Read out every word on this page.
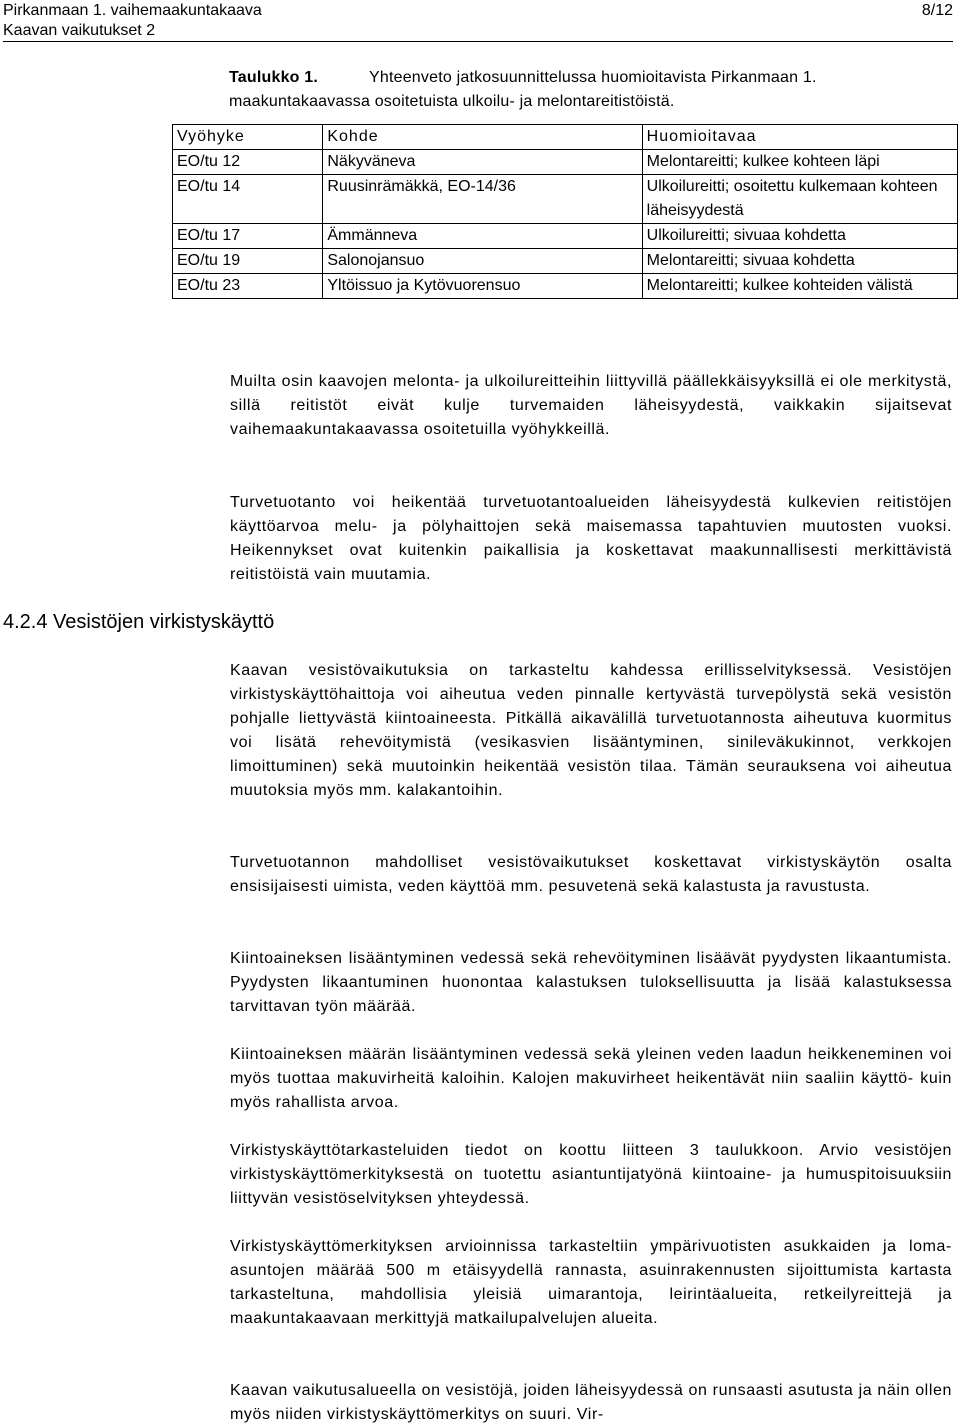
Pirkanmaan 1. vaihemaakuntakaava
Kaavan vaikutukset 2
8/12
Taulukko 1.	Yhteenveto jatkosuunnittelussa huomioitavista Pirkanmaan 1. maakuntakaavassa osoitetuista ulkoilu- ja melontareitistöistä.
Vyöhyke	Kohde	Huomioitavaa
EO/tu 12	Näkyväneva	Melontareitti; kulkee kohteen läpi
EO/tu 14	Ruusinrämäkkä, EO-14/36	Ulkoilureitti; osoitettu kulkemaan kohteen läheisyydestä
EO/tu 17	Ämmänneva	Ulkoilureitti; sivuaa kohdetta
EO/tu 19	Salonojansuo	Melontareitti; sivuaa kohdetta
EO/tu 23	Yltöissuo ja Kytövuorensuo	Melontareitti; kulkee kohteiden välistä

Muilta osin kaavojen melonta- ja ulkoilureitteihin liittyvillä päällekkäisyyksillä ei ole merkitystä, sillä reitistöt eivät kulje turvemaiden läheisyydestä, vaikkakin sijaitsevat vaihemaakuntakaavassa osoitetuilla vyöhykkeillä.

Turvetuotanto voi heikentää turvetuotantoalueiden läheisyydestä kulkevien reitistöjen käyttöarvoa melu- ja pölyhaittojen sekä maisemassa tapahtuvien muutosten vuoksi. Heikennykset ovat kuitenkin paikallisia ja koskettavat maakunnallisesti merkittävistä reitistöistä vain muutamia.

4.2.4 Vesistöjen virkistyskäyttö

Kaavan vesistövaikutuksia on tarkasteltu kahdessa erillisselvityksessä. Vesistöjen virkistyskäyttöhaittoja voi aiheutua veden pinnalle kertyvästä turvepölystä sekä vesistön pohjalle liettyvästä kiintoaineesta. Pitkällä aikavälillä turvetuotannosta aiheutuva kuormitus voi lisätä rehevöitymistä (vesikasvien lisääntyminen, sinileväkukinnot, verkkojen limoittuminen) sekä muutoinkin heikentää vesistön tilaa. Tämän seurauksena voi aiheutua muutoksia myös mm. kalakantoihin.

Turvetuotannon mahdolliset vesistövaikutukset koskettavat virkistyskäytön osalta ensisijaisesti uimista, veden käyttöä mm. pesuvetenä sekä kalastusta ja ravustusta.

Kiintoaineksen lisääntyminen vedessä sekä rehevöityminen lisäävät pyydysten likaantumista. Pyydysten likaantuminen huonontaa kalastuksen tuloksellisuutta ja lisää kalastuksessa tarvittavan työn määrää.

Kiintoaineksen määrän lisääntyminen vedessä sekä yleinen veden laadun heikkeneminen voi myös tuottaa makuvirheitä kaloihin. Kalojen makuvirheet heikentävät niin saaliin käyttö- kuin myös rahallista arvoa.

Virkistyskäyttötarkasteluiden tiedot on koottu liitteen 3 taulukkoon. Arvio vesistöjen virkistyskäyttömerkityksestä on tuotettu asiantuntijatyönä kiintoaine- ja humuspitoisuuksiin liittyvän vesistöselvityksen yhteydessä.

Virkistyskäyttömerkityksen arvioinnissa tarkasteltiin ympärivuotisten asukkaiden ja loma-asuntojen määrää 500 m etäisyydellä rannasta, asuinrakennusten sijoittumista kartasta tarkasteltuna, mahdollisia yleisiä uimarantoja, leirintäalueita, retkeilyreittejä ja maakuntakaavaan merkittyjä matkailupalvelujen alueita.

Kaavan vaikutusalueella on vesistöjä, joiden läheisyydessä on runsaasti asutusta ja näin ollen myös niiden virkistyskäyttömerkitys on suuri. Vir-
